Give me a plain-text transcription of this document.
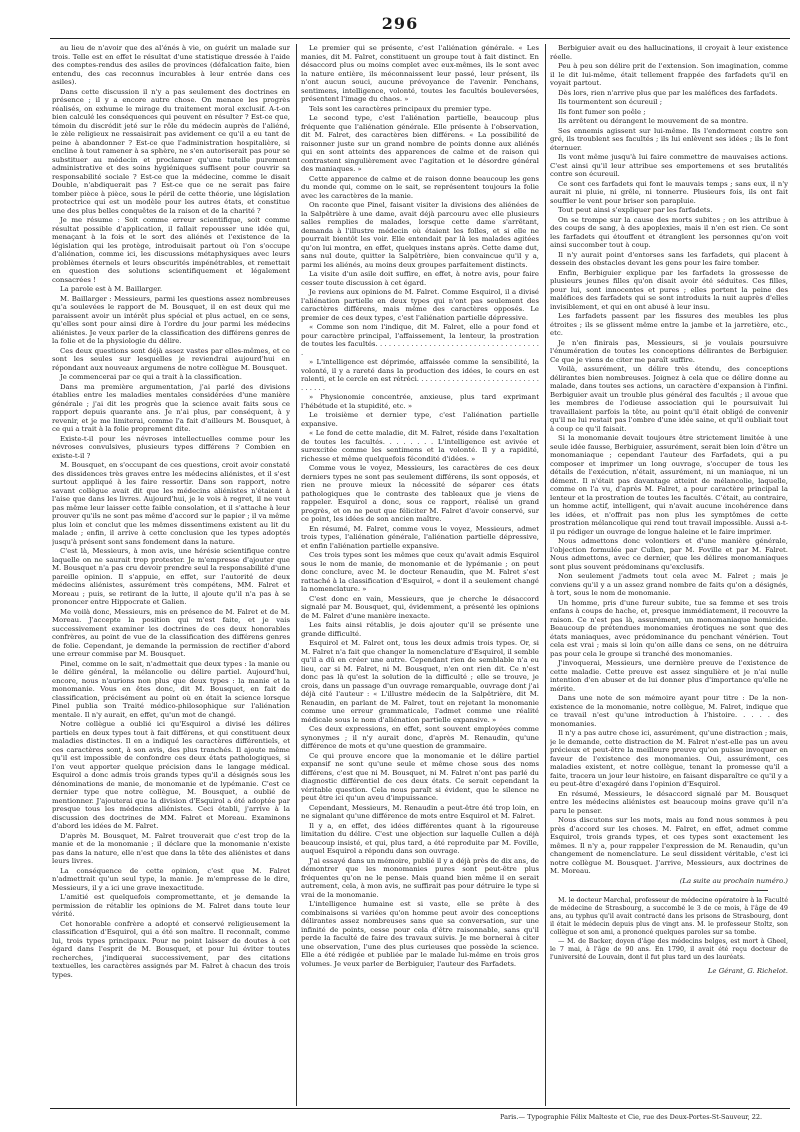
296

au lieu de n'avoir que des al'énés à vie, on guérit un malade sur trois. Telle est en effet le résultat d'une statistique dressée à l'aide des comptes-rendus des asiles de provinces (défalcation faite, bien entendu, des cas reconnus incurables à leur entrée dans ces asiles).

Dans cette discussion il n'y a pas seulement des doctrines en présence ; il y a encore autre chose. On menace les progrès réalisés, on exhume le mirage du traitement moral exclusif. A-t-on bien calculé les conséquences qui peuvent en résulter ? Est-ce que, témoin du discrédit jeté sur le rôle du médecin auprès de l'aliéné, le zèle religieux ne ressaisirait pas avidement ce qu'il a eu tant de peine à abandonner ? Est-ce que l'administration hospitalière, si encline à tout ramener à sa sphère, ne s'en autoriserait pas pour se substituer au médecin et proclamer qu'une tutelle purement administrative et des soins hygiéniques suffisent pour couvrir sa responsabilité sociale ? Est-ce que la médecine, comme le disait Double, n'abdiquerait pas ? Est-ce que ce ne serait pas faire tomber pièce à pièce, sous le péril de cette théorie, une législation protectrice qui est un modèle pour les autres états, et constitue une des plus belles conquêtes de la raison et de la charité ?

Je me résume : Soit comme erreur scientifique, soit comme résultat possible d'application, il fallait repousser une idée qui, menaçant à la fois et le sort des aliénés et l'existence de la législation qui les protège, introduisait partout où l'on s'occupe d'aliénation, comme ici, les discussions métaphysiques avec leurs problèmes éternels et leurs obscurités impénétrables, et remettait en question des solutions scientifiquement et légalement consacrées !

La parole est à M. Baillarger.

M. Baillarger : Messieurs, parmi les questions assez nombreuses qu'a soulevées le rapport de M. Bousquet, il en est deux qui me paraissent avoir un intérêt plus spécial et plus actuel, en ce sens, qu'elles sont pour ainsi dire à l'ordre du jour parmi les médecins aliénistes. Je veux parler de la classification des différens genres de la folie et de la physiologie du délire.

Ces deux questions sont déjà assez vastes par elles-mêmes, et ce sont les seules sur lesquelles je reviendrai aujourd'hui en répondant aux nouveaux argumens de notre collègue M. Bousquet.

Je commencerai par ce qui a trait à la classification.

Dans ma première argumentation, j'ai parlé des divisions établies entre les maladies mentales considérées d'une manière générale ; j'ai dit les progrès que la science avait faits sous ce rapport depuis quarante ans. Je n'ai plus, par conséquent, à y revenir, et je me limiterai, comme l'a fait d'ailleurs M. Bousquet, à ce qui a trait à la folie proprement dite.

Existe-t-il pour les névroses intellectuelles comme pour les névroses convulsives, plusieurs types différens ? Combien en existe-t-il ?

M. Bousquet, en s'occupant de ces questions, croit avoir constaté des dissidences très graves entre les médecins aliénistes, et il s'est surtout appliqué à les faire ressortir. Dans son rapport, notre savant collègue avait dit que les médecins aliénistes n'étaient à l'aise que dans les livres. Aujourd'hui, je le vois à regret, il ne veut pas même leur laisser cette faible consolation, et il s'attache à leur prouver qu'ils ne sont pas même d'accord sur le papier ; il va même plus loin et conclut que les mêmes dissentimens existent au lit du malade ; enfin, il arrive à cette conclusion que les types adoptés jusqu'à présent sont sans fondement dans la nature.

C'est là, Messieurs, à mon avis, une hérésie scientifique contre laquelle on ne saurait trop protester. Je m'empresse d'ajouter que M. Bousquet n'a pas cru devoir prendre seul la responsabilité d'une pareille opinion. Il s'appuie, en effet, sur l'autorité de deux médecins aliénistes, assurément très compétens, MM. Falret et Moreau ; puis, se retirant de la lutte, il ajoute qu'il n'a pas à se prononcer entre Hippocrate et Galien.

Me voilà donc, Messieurs, mis en présence de M. Falret et de M. Moreau. J'accepte la position qui m'est faite, et je vais successivement examiner les doctrines de ces deux honorables confrères, au point de vue de la classification des différens genres de folie. Cependant, je demande la permission de rectifier d'abord une erreur commise par M. Bousquet.

Pinel, comme on le sait, n'admettait que deux types : la manie ou le délire général, la mélancolie ou délire partiel. Aujourd'hui, encore, nous n'aurions non plus que deux types : la manie et la monomanie. Vous en êtes donc, dit M. Bousquet, en fait de classification, précisément au point où en était la science lorsque Pinel publia son Traité médico-philosophique sur l'aliénation mentale. Il n'y aurait, en effet, qu'un mot de changé.

Notre collègue a oublié ici qu'Esquirol a divisé les délires partiels en deux types tout à fait différens, et qui constituent deux maladies distinctes. Il en a indiqué les caractères différentiels, et ces caractères sont, à son avis, des plus tranchés. Il ajoute même qu'il est impossible de confondre ces deux états pathologiques, si l'on veut apporter quelque précision dans le langage médical. Esquirol a donc admis trois grands types qu'il a désignés sous les dénominations de manie, de monomanie et de lypémanie. C'est ce dernier type que notre collègue, M. Bousquet, a oublié de mentionner. J'ajouterai que la division d'Esquirol a été adoptée par presque tous les médecins aliénistes. Ceci établi, j'arrive à la discussion des doctrines de MM. Falret et Moreau. Examinons d'abord les idées de M. Falret.

D'après M. Bousquet, M. Falret trouverait que c'est trop de la manie et de la monomanie ; il déclare que la monomanie n'existe pas dans la nature, elle n'est que dans la tête des aliénistes et dans leurs livres.

La conséquence de cette opinion, c'est que M. Falret n'admettrait qu'un seul type, la manie. Je m'empresse de le dire, Messieurs, il y a ici une grave inexactitude.

L'amitié est quelquefois compromettante, et je demande la permission de rétablir les opinions de M. Falret dans toute leur vérité.

Cet honorable confrère a adopté et conservé religieusement la classification d'Esquirol, qui a été son maître. Il reconnaît, comme lui, trois types principaux. Pour ne point laisser de doutes à cet égard dans l'esprit de M. Bousquet, et pour lui éviter toutes recherches, j'indiquerai successivement, par des citations textuelles, les caractères assignés par M. Falret à chacun des trois types.

Le premier qui se présente, c'est l'aliénation générale. « Les manies, dit M. Falret, constituent un groupe tout à fait distinct. En désaccord plus ou moins complet avec eux-mêmes, ils le sont avec la nature entière, ils méconnaissent leur passé, leur présent, ils n'ont aucun souci, aucune prévoyance de l'avenir. Penchans, sentimens, intelligence, volonté, toutes les facultés bouleversées, présentent l'image du chaos. »

Tels sont les caractères principaux du premier type.

Le second type, c'est l'aliénation partielle, beaucoup plus fréquente que l'aliénation générale. Elle présente à l'observation, dit M. Falret, des caractères bien différens. « La possibilité de raisonner juste sur un grand nombre de points donne aux aliénés qui en sont atteints des apparences de calme et de raison qui contrastent singulièrement avec l'agitation et le désordre général des maniaques. »

Cette apparence de calme et de raison donne beaucoup les gens du monde qui, comme on le sait, se représentent toujours la folie avec les caractères de la manie.

On raconte que Pinel, faisant visiter la divisions des aliénées de la Salpêtrière à une dame, avait déjà parcouru avec elle plusieurs salles remplies de malades, lorsque cette dame s'arrêtant, demanda à l'illustre médecin où étaient les folles, et si elle ne pourrait bientôt les voir. Elle entendait par là les malades agitées qu'on lui montra, en effet, quelques instans après. Cette dame dut, sans nul doute, quitter la Salpêtrière, bien convaincue qu'il y a, parmi les aliénés, au moins deux groupes parfaitement distincts.

La visite d'un asile doit suffire, en effet, à notre avis, pour faire cesser toute discussion à cet égard.

Je reviens aux opinions de M. Falret. Comme Esquirol, il a divisé l'aliénation partielle en deux types qui n'ont pas seulement des caractères différens, mais même des caractères opposés. Le premier de ces deux types, c'est l'aliénation partielle dépressive.

« Comme son nom l'indique, dit M. Falret, elle a pour fond et pour caractère principal, l'affaissement, la lenteur, la prostration de toutes les facultés. . . . . . . . . . . . . . . . . . . . . . . . . . . . . . . . . . . . . .

» L'intelligence est déprimée, affaissée comme la sensibilité, la volonté, il y a rareté dans la production des idées, le cours en est ralenti, et le cercle en est rétréci. . . . . . . . . . . . . . . . . . . . . . . . . . . . . . . . . .

» Physionomie concentrée, anxieuse, plus tard exprimant l'hébétude et la stupidité, etc. »

Le troisième et dernier type, c'est l'aliénation partielle expansive.

« Le fond de cette maladie, dit M. Falret, réside dans l'exaltation de toutes les facultés. . . . . . . . L'intelligence est avivée et surexcitée comme les sentimens et la volonté. Il y a rapidité, richesse et même quelquefois fécondité d'idées. »

Comme vous le voyez, Messieurs, les caractères de ces deux derniers types ne sont pas seulement différens, ils sont opposés, et rien ne prouve mieux la nécessité de séparer ces états pathologiques que le contraste des tableaux que je viens de rappeler. Esquirol a donc, sous ce rapport, réalisé un grand progrès, et on ne peut que féliciter M. Falret d'avoir conservé, sur ce point, les idées de son ancien maître.

En résumé, M. Falret, comme vous le voyez, Messieurs, admet trois types, l'aliénation générale, l'aliénation partielle dépressive, et enfin l'aliénation partielle expansive.

Ces trois types sont les mêmes que ceux qu'avait admis Esquirol sous le nom de manie, de monomanie et de lypémanie ; on peut donc conclure, avec M. le docteur Renaudin, que M. Falret s'est rattaché à la classification d'Esquirol, « dont il a seulement changé la nomenclature. »

C'est donc en vain, Messieurs, que je cherche le désaccord signalé par M. Bousquet, qui, évidemment, a présenté les opinions de M. Falret d'une manière inexacte.

Les faits ainsi rétablis, je dois ajouter qu'il se présente une grande difficulté.

Esquirol et M. Falret ont, tous les deux admis trois types. Or, si M. Falret n'a fait que changer la nomenclature d'Esquirol, il semble qu'il a dû en créer une autre. Cependant rien de semblable n'a eu lieu, car si M. Falret, ni M. Bousquet, n'en ont rien dit. Ce n'est donc pas là qu'est la solution de la difficulté ; elle se trouve, je crois, dans un passage d'un ouvrage remarquable, ouvrage dont j'ai déjà cité l'auteur : « L'illustre médecin de la Salpêtrière, dit M. Renaudin, en parlant de M. Falret, tout en rejetant la monomanie comme une erreur grammaticale, l'admet comme une réalité médicale sous le nom d'aliénation partielle expansive. »

Ces deux expressions, en effet, sont souvent employées comme synonymes ; il n'y aurait donc, d'après M. Renaudin, qu'une différence de mots et qu'une question de grammaire.

Ce qui prouve encore que la monomanie et le délire partiel expansif ne sont qu'une seule et même chose sous des noms différens, c'est que ni M. Bousquet, ni M. Falret n'ont pas parlé du diagnostic différentiel de ces deux états. Ce serait cependant la véritable question. Cela nous paraît si évident, que le silence ne peut être ici qu'un aveu d'impuissance.

Cependant, Messieurs, M. Renaudin a peut-être été trop loin, en ne signalant qu'une différence de mots entre Esquirol et M. Falret.

Il y a, en effet, des idées différentes quant à la rigoureuse limitation du délire. C'est une objection sur laquelle Cullen a déjà beaucoup insisté, et qui, plus tard, a été reproduite par M. Foville, auquel Esquirol a répondu dans son ouvrage.

J'ai essayé dans un mémoire, publié il y a déjà près de dix ans, de démontrer que les monomanies pures sont peut-être plus fréquentes qu'on ne le pense. Mais quand bien même il en serait autrement, cela, à mon avis, ne suffirait pas pour détruire le type si vrai de la monomanie.

L'intelligence humaine est si vaste, elle se prête à des combinaisons si variées qu'on homme peut avoir des conceptions délirantes assez nombreuses sans que sa conversation, sur une infinité de points, cesse pour cela d'être raisonnable, sans qu'il perde la faculté de faire des travaux suivis. Je me bornerai à citer une observation, l'une des plus curieuses que possède la science. Elle a été rédigée et publiée par le malade lui-même en trois gros volumes. Je veux parler de Berbiguier, l'auteur des Farfadets.

Berbiguier avait eu des hallucinations, il croyait à leur existence réelle.

Peu à peu son délire prit de l'extension. Son imagination, comme il le dit lui-même, était tellement frappée des farfadets qu'il en voyait partout.

Dès lors, rien n'arrive plus que par les maléfices des farfadets.

Ils tourmentent son écureuil ;

Ils font fumer son poêle ;

Ils arrêtent ou dérangent le mouvement de sa montre.

Ses ennemis agissent sur lui-même. Ils l'endorment contre son gré, ils troublent ses facultés ; ils lui enlèvent ses idées ; ils le font éternuer.

Ils vont même jusqu'à lui faire commettre de mauvaises actions. C'est ainsi qu'il leur attribue ses emportemens et ses brutalités contre son écureuil.

Ce sont ces farfadets qui font le mauvais temps ; sans eux, il n'y aurait ni pluie, ni grêle, ni tonnerre. Plusieurs fois, ils ont fait souffler le vent pour briser son parapluie.

Tout peut ainsi s'expliquer par les farfadets.

On se trompe sur la cause des morts subites ; on les attribue à des coups de sang, à des apoplexies, mais il n'en est rien. Ce sont les farfadets qui étouffent et étranglent les personnes qu'on voit ainsi succomber tout à coup.

Il n'y aurait point d'entorses sans les farfadets, qui placent à dessein des obstacles devant les gens pour les faire tomber.

Enfin, Berbiguier explique par les farfadets la grossesse de plusieurs jeunes filles qu'on disait avoir été séduites. Ces filles, pour lui, sont innocentes et pures ; elles portent la peine des maléfices des farfadets qui se sont introduits la nuit auprès d'elles invisiblement, et qui en ont abusé à leur insu.

Les farfadets passent par les fissures des meubles les plus étroites ; ils se glissent même entre la jambe et la jarretière, etc., etc.

Je n'en finirais pas, Messieurs, si je voulais poursuivre l'énumération de toutes les conceptions délirantes de Berbiguier. Ce que je viens de citer me paraît suffire.

Voilà, assurément, un délire très étendu, des conceptions délirantes bien nombreuses. Joignez à cela que ce délire donne au malade, dans toutes ses actions, un caractère d'expansion à l'infini. Berbiguier avait un trouble plus général des facultés ; il avoue que les membres de l'odieuse association qui le poursuivait lui travaillaient parfois la tête, au point qu'il était obligé de convenir qu'il ne lui restait pas l'ombre d'une idée saine, et qu'il oubliait tout à coup ce qu'il faisait.

Si la monomanie devait toujours être strictement limitée à une seule idée fausse, Berbiguier, assurément, serait bien loin d'être un monomaniaque ; cependant l'auteur des Farfadets, qui a pu composer et imprimer un long ouvrage, s'occuper de tous les détails de l'exécution, n'était, assurément, ni un maniaque, ni un dément. Il n'était pas davantage atteint de mélancolie, laquelle, comme on l'a vu, d'après M. Falret, a pour caractère principal la lenteur et la prostration de toutes les facultés. C'était, au contraire, un homme actif, intelligent, qui n'avait aucune incohérence dans les idées, et n'offrait pas non plus les symptômes de cette prostration mélancolique qui rend tout travail impossible. Aussi a-t-il pu rédiger un ouvrage de longue haleine et le faire imprimer.

Nous admettons donc volontiers et d'une manière générale, l'objection formulée par Cullen, par M. Foville et par M. Falret. Nous admettons, avec ce dernier, que les délires monomaniaques sont plus souvent prédominans qu'exclusifs.

Non seulement j'admets tout cela avec M. Falret ; mais je conviens qu'il y a un assez grand nombre de faits qu'on a désignés, à tort, sous le nom de monomanie.

Un homme, pris d'une fureur subite, tue sa femme et ses trois enfans à coups de hache, et, presque immédiatement, il recouvre la raison. Ce n'est pas là, assurément, un monomaniaque homicide. Beaucoup de prétendues monomanies érotiques ne sont que des états maniaques, avec prédominance du penchant vénérien. Tout cela est vrai ; mais si loin qu'on aille dans ce sens, on ne détruira pas pour cela le groupe si tranché des monomanies.

J'invoquerai, Messieurs, une dernière preuve de l'existence de cette maladie. Cette preuve est assez singulière et je n'ai nulle intention d'en abuser et de lui donner plus d'importance qu'elle ne mérite.

Dans une note de son mémoire ayant pour titre : De la non-existence de la monomanie, notre collègue, M. Falret, indique que ce travail n'est qu'une introduction à l'histoire. . . . . des monomanies.

Il n'y a pas autre chose ici, assurément, qu'une distraction ; mais, je le demande, cette distraction de M. Falret n'est-elle pas un aveu précieux et peut-être la meilleure preuve qu'on puisse invoquer en faveur de l'existence des monomanies. Oui, assurément, ces maladies existent, et notre collègue, tenant la promesse qu'il a faite, tracera un jour leur histoire, en faisant disparaître ce qu'il y a eu peut-être d'exagéré dans l'opinion d'Esquirol.

En résumé, Messieurs, le désaccord signalé par M. Bousquet entre les médecins aliénistes est beaucoup moins grave qu'il n'a paru le penser.

Nous discutons sur les mots, mais au fond nous sommes à peu près d'accord sur les choses. M. Falret, en effet, admet comme Esquirol, trois grands types, et ces types sont exactement les mêmes. Il n'y a, pour rappeler l'expression de M. Renaudin, qu'un changement de nomenclature. Le seul dissident véritable, c'est ici notre collègue M. Bousquet. J'arrive, Messieurs, aux doctrines de M. Moreau.

(La suite au prochain numéro.)

M. le docteur Marchal, professeur de médecine opératoire à la Faculté de médecine de Strasbourg, a succombé le 3 de ce mois, à l'âge de 49 ans, au typhus qu'il avait contracté dans les prisons de Strasbourg, dont il était le médecin depuis plus de vingt ans. M. le professeur Stoltz, son collègue et son ami, a prononcé quelques paroles sur sa tombe.

— M. de Backer, doyen d'âge des médecins belges, est mort à Gheel, le 7 mai, à l'âge de 90 ans. En 1790, il avait été reçu docteur de l'université de Louvain, dont il fut plus tard un des lauréats.

Le Gérant, G. Richelot.

Paris.— Typographie Félix Malteste et Cie, rue des Deux-Portes-St-Sauveur, 22.
